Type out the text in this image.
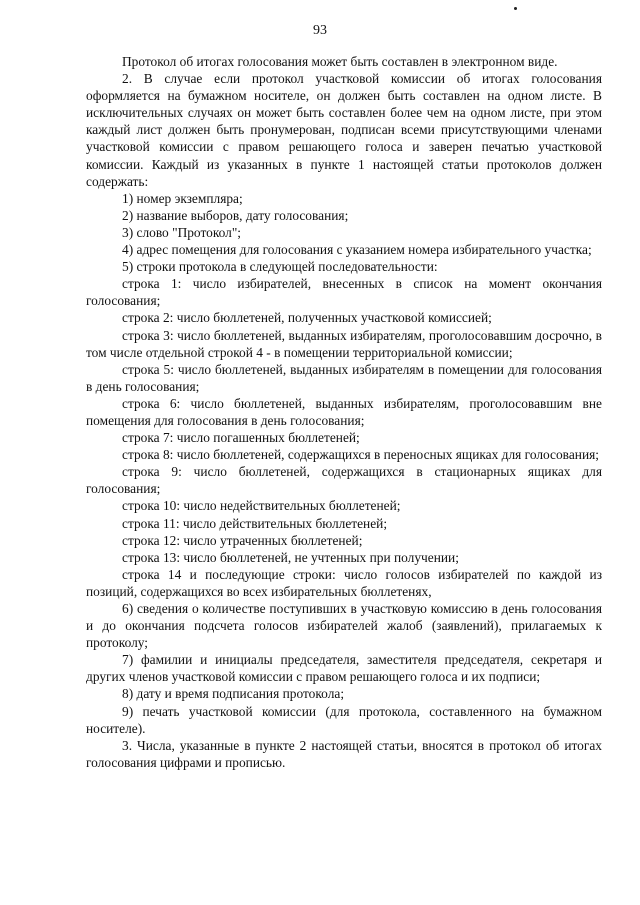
93

Протокол об итогах голосования может быть составлен в электронном виде.

2. В случае если протокол участковой комиссии об итогах голосования оформляется на бумажном носителе, он должен быть составлен на одном листе. В исключительных случаях он может быть составлен более чем на одном листе, при этом каждый лист должен быть пронумерован, подписан всеми присутствующими членами участковой комиссии с правом решающего голоса и заверен печатью участковой комиссии. Каждый из указанных в пункте 1 настоящей статьи протоколов должен содержать:

1) номер экземпляра;

2) название выборов, дату голосования;

3) слово "Протокол";

4) адрес помещения для голосования с указанием номера избирательного участка;

5) строки протокола в следующей последовательности:

строка 1: число избирателей, внесенных в список на момент окончания голосования;

строка 2: число бюллетеней, полученных участковой комиссией;

строка 3: число бюллетеней, выданных избирателям, проголосовавшим досрочно, в том числе отдельной строкой 4 - в помещении территориальной комиссии;

строка 5: число бюллетеней, выданных избирателям в помещении для голосования в день голосования;

строка 6: число бюллетеней, выданных избирателям, проголосовавшим вне помещения для голосования в день голосования;

строка 7: число погашенных бюллетеней;

строка 8: число бюллетеней, содержащихся в переносных ящиках для голосования;

строка 9: число бюллетеней, содержащихся в стационарных ящиках для голосования;

строка 10: число недействительных бюллетеней;

строка 11: число действительных бюллетеней;

строка 12: число утраченных бюллетеней;

строка 13: число бюллетеней, не учтенных при получении;

строка 14 и последующие строки: число голосов избирателей по каждой из позиций, содержащихся во всех избирательных бюллетенях,

6) сведения о количестве поступивших в участковую комиссию в день голосования и до окончания подсчета голосов избирателей жалоб (заявлений), прилагаемых к протоколу;

7) фамилии и инициалы председателя, заместителя председателя, секретаря и других членов участковой комиссии с правом решающего голоса и их подписи;

8) дату и время подписания протокола;

9) печать участковой комиссии (для протокола, составленного на бумажном носителе).

3. Числа, указанные в пункте 2 настоящей статьи, вносятся в протокол об итогах голосования цифрами и прописью.
